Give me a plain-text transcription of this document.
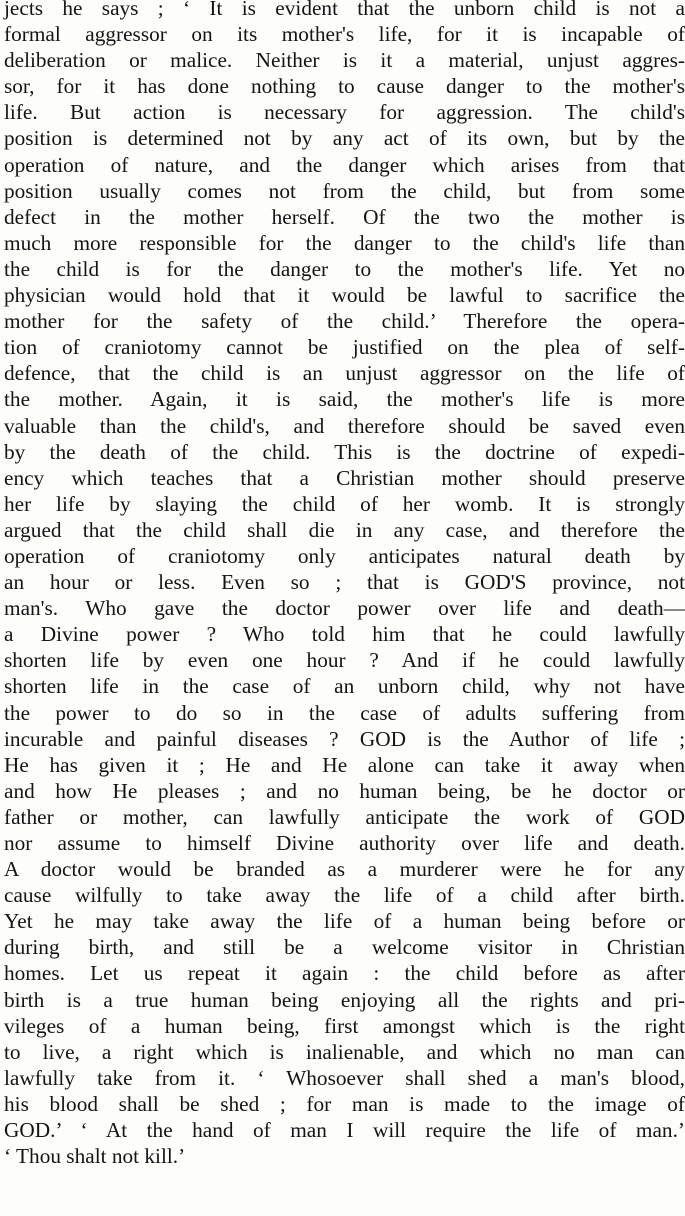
jects he says ; ‘ It is evident that the unborn child is not a
formal aggressor on its mother's life, for it is incapable of
deliberation or malice. Neither is it a material, unjust aggres-
sor, for it has done nothing to cause danger to the mother's
life. But action is necessary for aggression. The child's
position is determined not by any act of its own, but by the
operation of nature, and the danger which arises from that
position usually comes not from the child, but from some
defect in the mother herself. Of the two the mother is
much more responsible for the danger to the child's life than
the child is for the danger to the mother's life. Yet no
physician would hold that it would be lawful to sacrifice the
mother for the safety of the child.’ Therefore the opera-
tion of craniotomy cannot be justified on the plea of self-
defence, that the child is an unjust aggressor on the life of
the mother. Again, it is said, the mother's life is more
valuable than the child's, and therefore should be saved even
by the death of the child. This is the doctrine of expedi-
ency which teaches that a Christian mother should preserve
her life by slaying the child of her womb. It is strongly
argued that the child shall die in any case, and therefore the
operation of craniotomy only anticipates natural death by
an hour or less. Even so ; that is GOD'S province, not
man's. Who gave the doctor power over life and death—
a Divine power ? Who told him that he could lawfully
shorten life by even one hour ? And if he could lawfully
shorten life in the case of an unborn child, why not have
the power to do so in the case of adults suffering from
incurable and painful diseases ? GOD is the Author of life ;
He has given it ; He and He alone can take it away when
and how He pleases ; and no human being, be he doctor or
father or mother, can lawfully anticipate the work of GOD
nor assume to himself Divine authority over life and death.
A doctor would be branded as a murderer were he for any
cause wilfully to take away the life of a child after birth.
Yet he may take away the life of a human being before or
during birth, and still be a welcome visitor in Christian
homes. Let us repeat it again : the child before as after
birth is a true human being enjoying all the rights and pri-
vileges of a human being, first amongst which is the right
to live, a right which is inalienable, and which no man can
lawfully take from it. ‘ Whosoever shall shed a man's blood,
his blood shall be shed ; for man is made to the image of
GOD.’ ‘ At the hand of man I will require the life of man.’
‘ Thou shalt not kill.’
